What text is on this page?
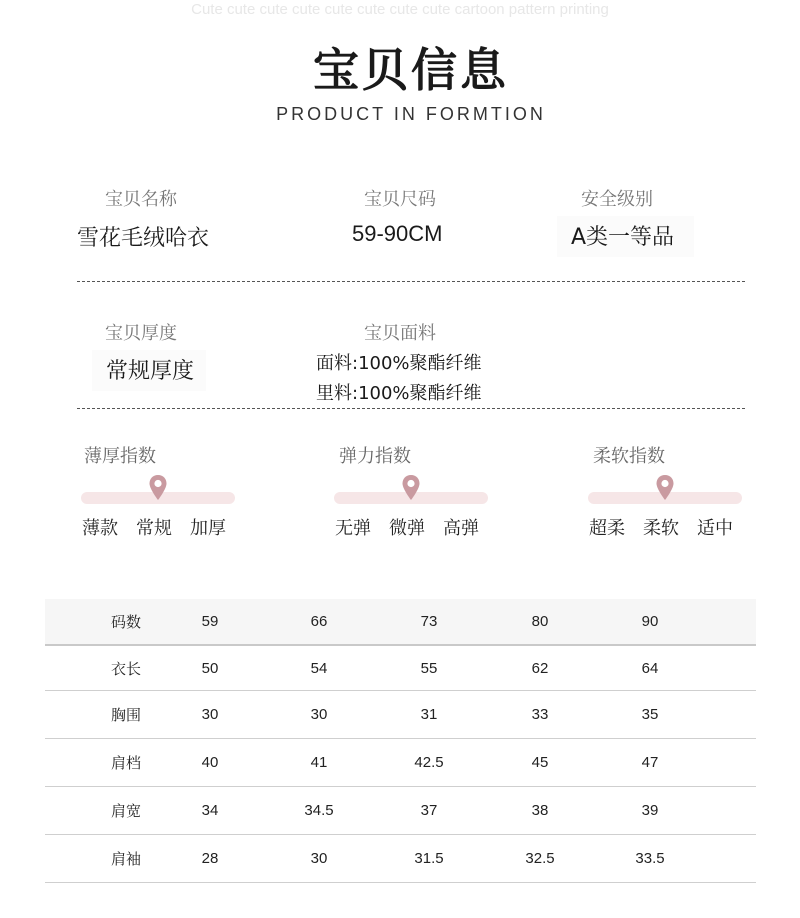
Cute cute cute cute cute cute cute cute cartoon pattern printing
宝贝信息
PRODUCT IN FORMTION
宝贝名称
雪花毛绒哈衣
宝贝尺码
59-90CM
安全级别
A类一等品
宝贝厚度
常规厚度
宝贝面料
面料:100%聚酯纤维
里料:100%聚酯纤维
薄厚指数
薄款 常规 加厚
弹力指数
无弹 微弹 高弹
柔软指数
超柔 柔软 适中
码数	59	66	73	80	90
衣长	50	54	55	62	64
胸围	30	30	31	33	35
肩档	40	41	42.5	45	47
肩宽	34	34.5	37	38	39
肩袖	28	30	31.5	32.5	33.5
